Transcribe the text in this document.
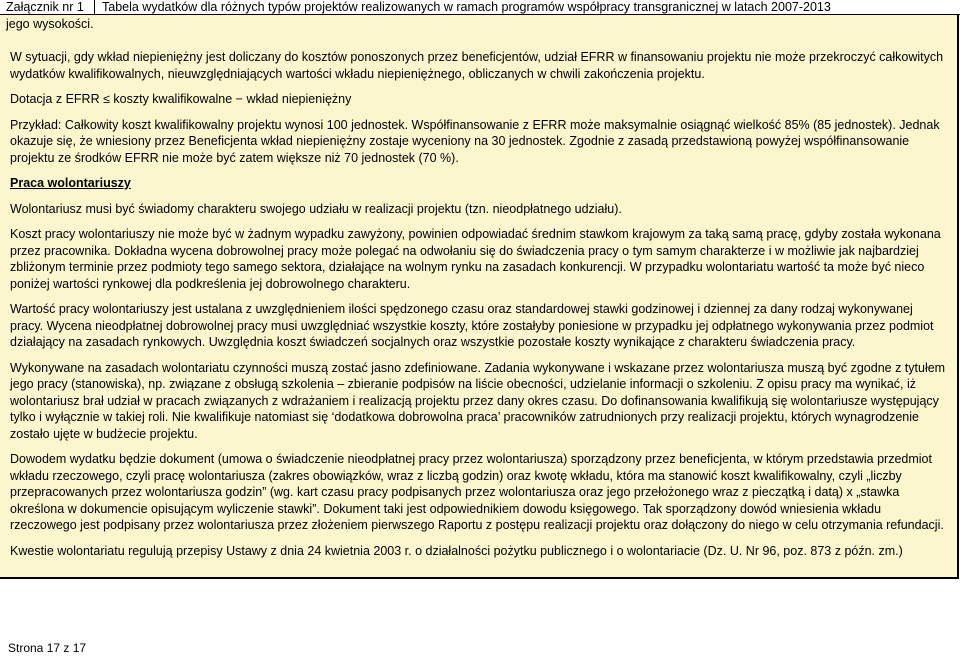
Załącznik nr 1 Tabela wydatków dla różnych typów projektów realizowanych w ramach programów współpracy transgranicznej w latach 2007-2013
jego wysokości.

W sytuacji, gdy wkład niepieniężny jest doliczany do kosztów ponoszonych przez beneficjentów, udział EFRR w finansowaniu projektu nie może przekroczyć całkowitych wydatków kwalifikowalnych, nieuwzględniających wartości wkładu niepieniężnego, obliczanych w chwili zakończenia projektu.

Dotacja z EFRR ≤ koszty kwalifikowalne − wkład niepieniężny

Przykład: Całkowity koszt kwalifikowalny projektu wynosi 100 jednostek. Współfinansowanie z EFRR może maksymalnie osiągnąć wielkość 85% (85 jednostek). Jednak okazuje się, że wniesiony przez Beneficjenta wkład niepieniężny zostaje wyceniony na 30 jednostek. Zgodnie z zasadą przedstawioną powyżej współfinansowanie projektu ze środków EFRR nie może być zatem większe niż 70 jednostek (70 %).

Praca wolontariuszy

Wolontariusz musi być świadomy charakteru swojego udziału w realizacji projektu (tzn. nieodpłatnego udziału).

Koszt pracy wolontariuszy nie może być w żadnym wypadku zawyżony, powinien odpowiadać średnim stawkom krajowym za taką samą pracę, gdyby została wykonana przez pracownika. Dokładna wycena dobrowolnej pracy może polegać na odwołaniu się do świadczenia pracy o tym samym charakterze i w możliwie jak najbardziej zbliżonym terminie przez podmioty tego samego sektora, działające na wolnym rynku na zasadach konkurencji. W przypadku wolontariatu wartość ta może być nieco poniżej wartości rynkowej dla podkreślenia jej dobrowolnego charakteru.

Wartość pracy wolontariuszy jest ustalana z uwzględnieniem ilości spędzonego czasu oraz standardowej stawki godzinowej i dziennej za dany rodzaj wykonywanej pracy. Wycena nieodpłatnej dobrowolnej pracy musi uwzględniać wszystkie koszty, które zostałyby poniesione w przypadku jej odpłatnego wykonywania przez podmiot działający na zasadach rynkowych. Uwzględnia koszt świadczeń socjalnych oraz wszystkie pozostałe koszty wynikające z charakteru świadczenia pracy.

Wykonywane na zasadach wolontariatu czynności muszą zostać jasno zdefiniowane. Zadania wykonywane i wskazane przez wolontariusza muszą być zgodne z tytułem jego pracy (stanowiska), np. związane z obsługą szkolenia – zbieranie podpisów na liście obecności, udzielanie informacji o szkoleniu. Z opisu pracy ma wynikać, iż wolontariusz brał udział w pracach związanych z wdrażaniem i realizacją projektu przez dany okres czasu. Do dofinansowania kwalifikują się wolontariusze występujący tylko i wyłącznie w takiej roli. Nie kwalifikuje natomiast się ‘dodatkowa dobrowolna praca’ pracowników zatrudnionych przy realizacji projektu, których wynagrodzenie zostało ujęte w budżecie projektu.

Dowodem wydatku będzie dokument (umowa o świadczenie nieodpłatnej pracy przez wolontariusza) sporządzony przez beneficjenta, w którym przedstawia przedmiot wkładu rzeczowego, czyli pracę wolontariusza (zakres obowiązków, wraz z liczbą godzin) oraz kwotę wkładu, która ma stanowić koszt kwalifikowalny, czyli „liczby przepracowanych przez wolontariusza godzin” (wg. kart czasu pracy podpisanych przez wolontariusza oraz jego przełożonego wraz z pieczątką i datą) x „stawka określona w dokumencie opisującym wyliczenie stawki”. Dokument taki jest odpowiednikiem dowodu księgowego. Tak sporządzony dowód wniesienia wkładu rzeczowego jest podpisany przez wolontariusza przez złożeniem pierwszego Raportu z postępu realizacji projektu oraz dołączony do niego w celu otrzymania refundacji.

Kwestie wolontariatu regulują przepisy Ustawy z dnia 24 kwietnia 2003 r. o działalności pożytku publicznego i o wolontariacie (Dz. U. Nr 96, poz. 873 z późn. zm.)

Strona 17 z 17
